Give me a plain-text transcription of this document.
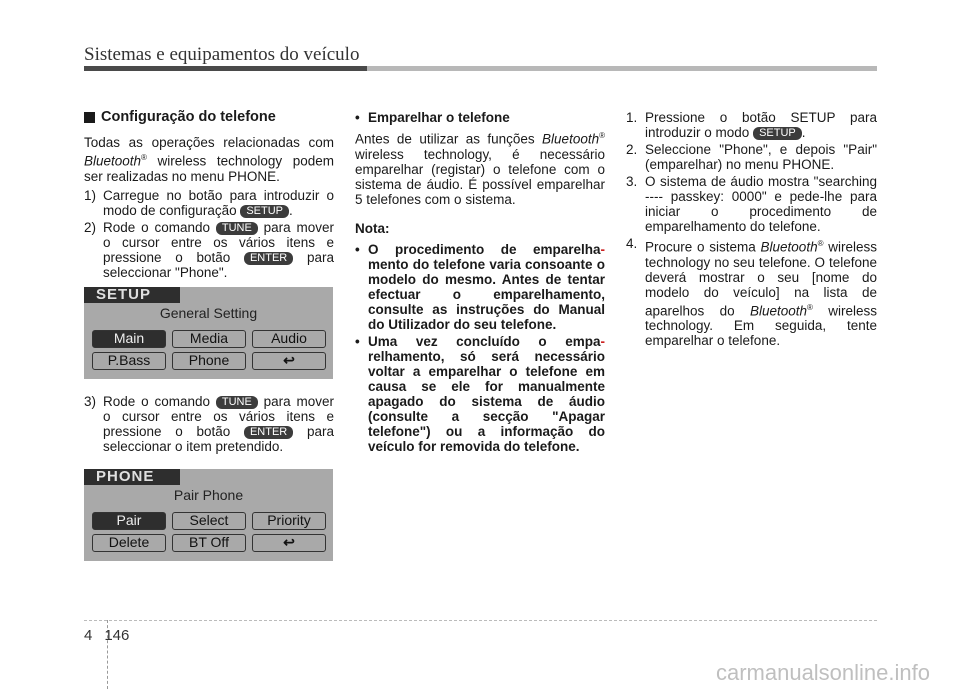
Sistemas e equipamentos do veículo
Configuração do telefone

Todas as operações relacionadas com Bluetooth® wireless technology podem ser realizadas no menu PHONE.

1) Carregue no botão para introduzir o modo de configuração SETUP .
2) Rode o comando TUNE para mover o cursor entre os vários itens e pressione o botão ENTER para seleccionar "Phone".
3) Rode o comando TUNE para mover o cursor entre os vários itens e pressione o botão ENTER para seleccionar o item pretendido.
SETUP
General Setting
Main	Media	Audio
P.Bass	Phone	↩
PHONE
Pair Phone
Pair	Select	Priority
Delete	BT Off	↩
• Emparelhar o telefone

Antes de utilizar as funções Bluetooth® wireless technology, é necessário emparelhar (registar) o telefone com o sistema de áudio. É possível emparelhar 5 telefones com o sistema.

Nota:

• O procedimento de emparelha-mento do telefone varia consoante o modelo do mesmo. Antes de tentar efectuar o emparelhamento, consulte as instruções do Manual do Utilizador do seu telefone.
• Uma vez concluído o empa-relhamento, só será necessário voltar a emparelhar o telefone em causa se ele for manualmente apagado do sistema de áudio (consulte a secção "Apagar telefone") ou a informação do veículo for removida do telefone.
1. Pressione o botão SETUP para introduzir o modo SETUP .
2. Seleccione "Phone", e depois "Pair" (emparelhar) no menu PHONE.
3. O sistema de áudio mostra "searching ---- passkey: 0000" e pede-lhe para iniciar o procedimento de emparelhamento do telefone.
4. Procure o sistema Bluetooth® wireless technology no seu telefone. O telefone deverá mostrar o seu [nome do modelo do veículo] na lista de aparelhos do Bluetooth® wireless technology. Em seguida, tente emparelhar o telefone.
4 146
carmanualsonline.info
